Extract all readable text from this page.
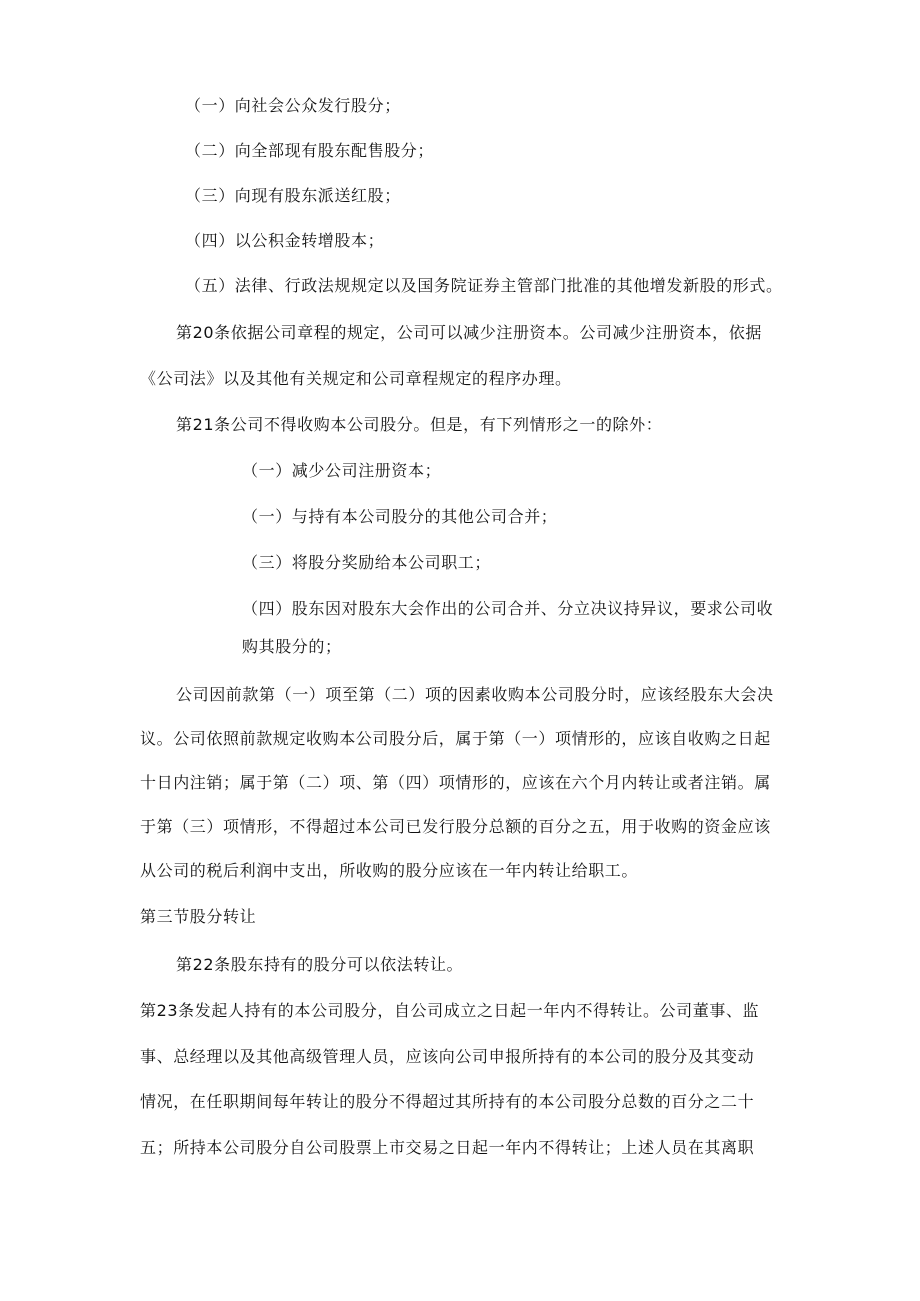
（一）向社会公众发行股分；
（二）向全部现有股东配售股分；
（三）向现有股东派送红股；
（四）以公积金转增股本；
（五）法律、行政法规规定以及国务院证券主管部门批准的其他增发新股的形式。
第20条依据公司章程的规定，公司可以减少注册资本。公司减少注册资本，依据
《公司法》以及其他有关规定和公司章程规定的程序办理。
第21条公司不得收购本公司股分。但是，有下列情形之一的除外：
（一）减少公司注册资本；
（一）与持有本公司股分的其他公司合并；
（三）将股分奖励给本公司职工；
（四）股东因对股东大会作出的公司合并、分立决议持异议，要求公司收
购其股分的；
公司因前款第（一）项至第（二）项的因素收购本公司股分时，应该经股东大会决
议。公司依照前款规定收购本公司股分后，属于第（一）项情形的，应该自收购之日起
十日内注销；属于第（二）项、第（四）项情形的，应该在六个月内转让或者注销。属
于第（三）项情形，不得超过本公司已发行股分总额的百分之五，用于收购的资金应该
从公司的税后利润中支出，所收购的股分应该在一年内转让给职工。
第三节股分转让
第22条股东持有的股分可以依法转让。
第23条发起人持有的本公司股分，自公司成立之日起一年内不得转让。公司董事、监
事、总经理以及其他高级管理人员，应该向公司申报所持有的本公司的股分及其变动
情况，在任职期间每年转让的股分不得超过其所持有的本公司股分总数的百分之二十
五；所持本公司股分自公司股票上市交易之日起一年内不得转让；上述人员在其离职
